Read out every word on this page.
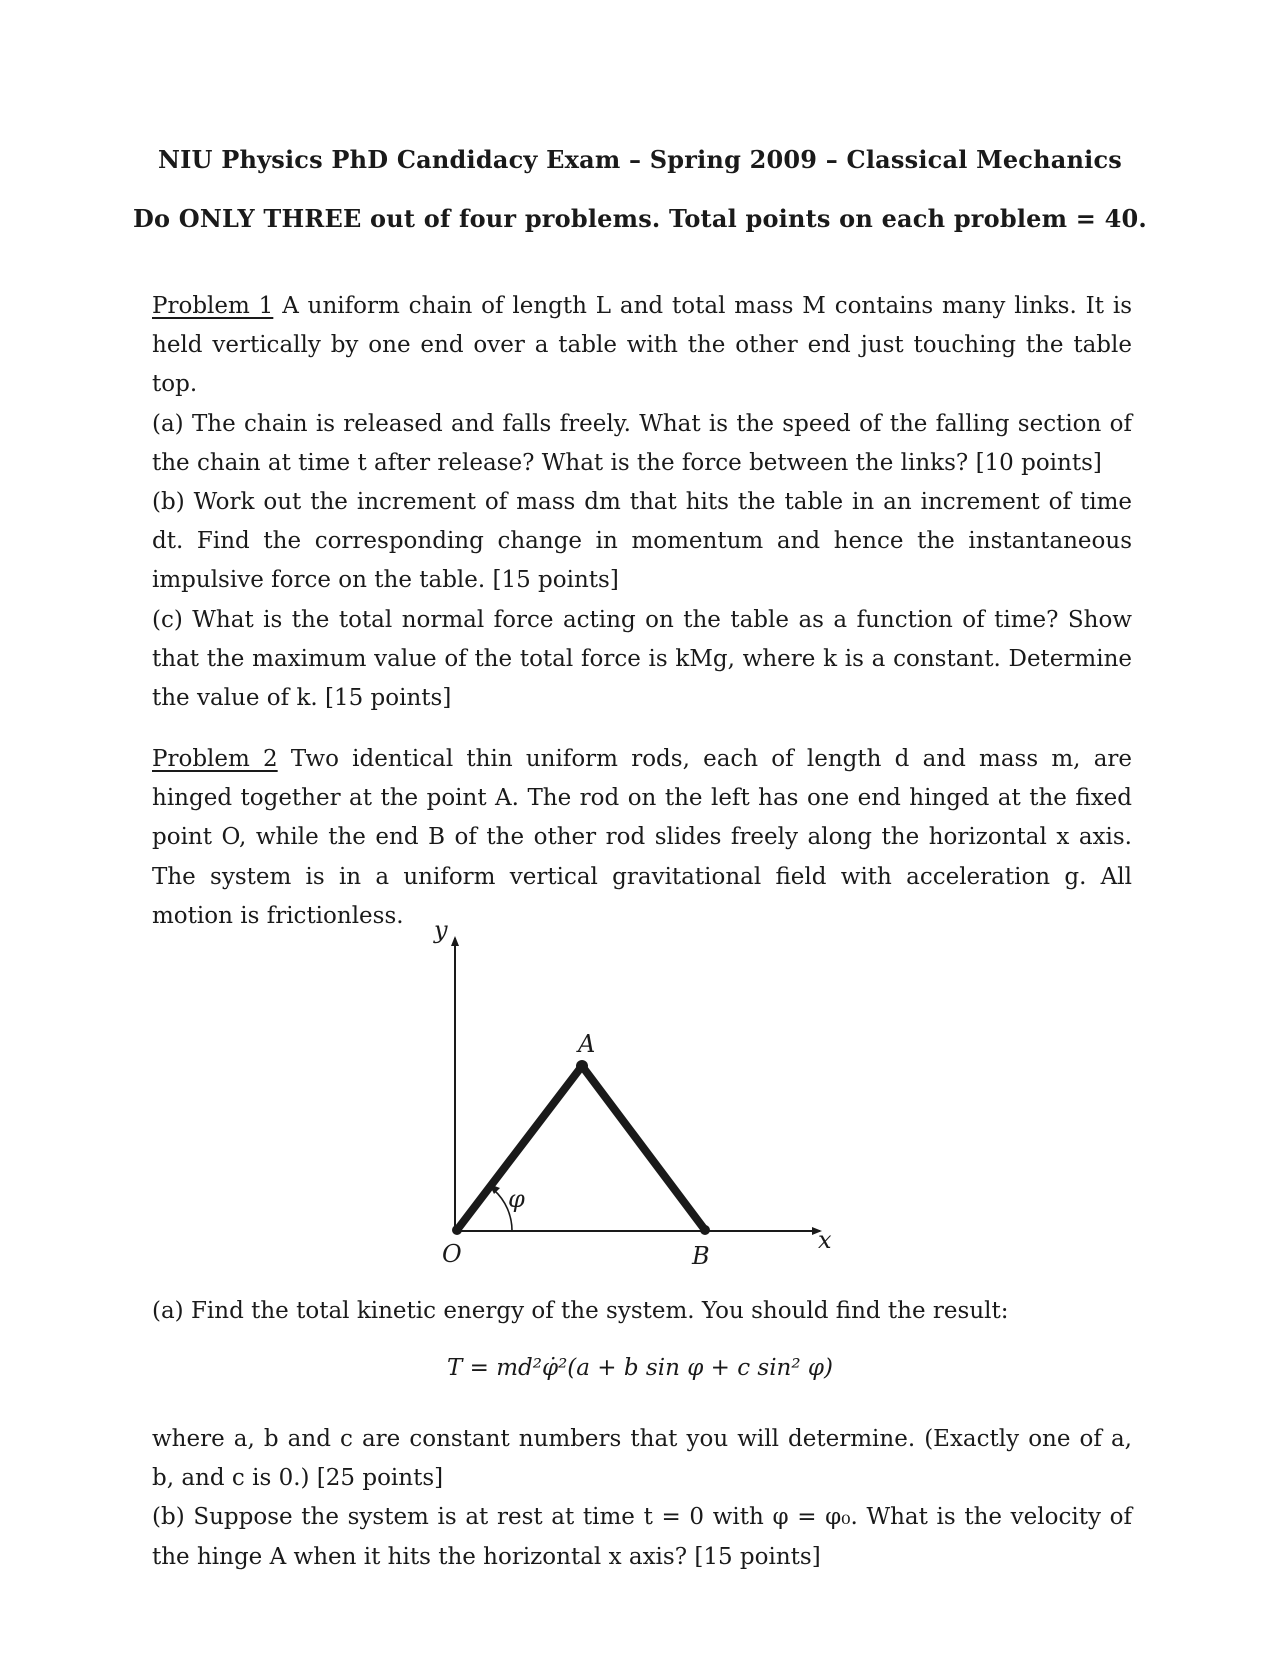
NIU Physics PhD Candidacy Exam – Spring 2009 – Classical Mechanics
Do ONLY THREE out of four problems. Total points on each problem = 40.
Problem 1 A uniform chain of length L and total mass M contains many links. It is held vertically by one end over a table with the other end just touching the table top.
(a) The chain is released and falls freely. What is the speed of the falling section of the chain at time t after release? What is the force between the links? [10 points]
(b) Work out the increment of mass dm that hits the table in an increment of time dt. Find the corresponding change in momentum and hence the instantaneous impulsive force on the table. [15 points]
(c) What is the total normal force acting on the table as a function of time? Show that the maximum value of the total force is kMg, where k is a constant. Determine the value of k. [15 points]
Problem 2 Two identical thin uniform rods, each of length d and mass m, are hinged together at the point A. The rod on the left has one end hinged at the fixed point O, while the end B of the other rod slides freely along the horizontal x axis. The system is in a uniform vertical gravitational field with acceleration g. All motion is frictionless.
y
x
O
A
B
φ
(a) Find the total kinetic energy of the system. You should find the result:
T = md²φ̇²(a + b sin φ + c sin² φ)
where a, b and c are constant numbers that you will determine. (Exactly one of a, b, and c is 0.) [25 points]
(b) Suppose the system is at rest at time t = 0 with φ = φ₀. What is the velocity of the hinge A when it hits the horizontal x axis? [15 points]
